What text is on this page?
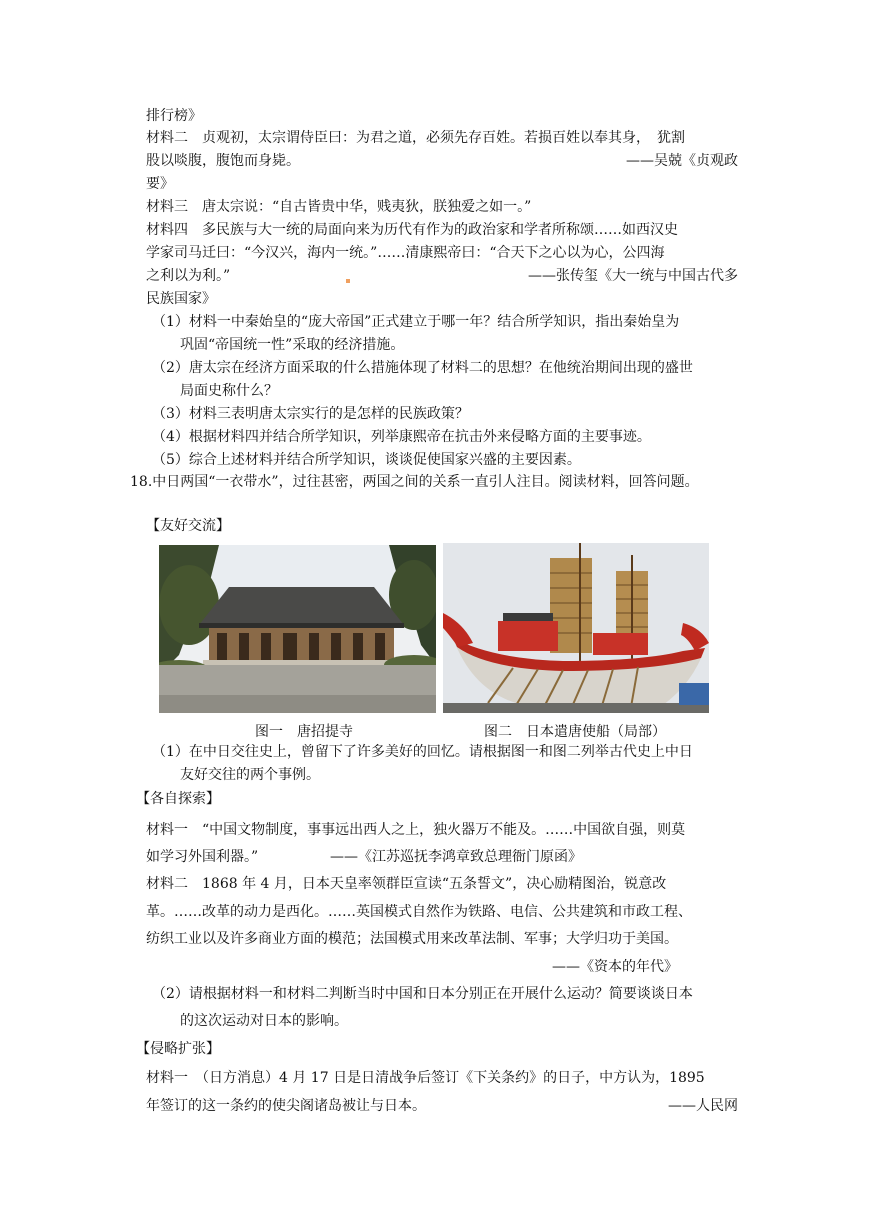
排行榜》
材料二　贞观初，太宗谓侍臣曰：为君之道，必须先存百姓。若损百姓以奉其身，　犹割
股以啖腹，腹饱而身毙。	——吴兢《贞观政
要》
材料三　唐太宗说：“自古皆贵中华，贱夷狄，朕独爱之如一。”
材料四　多民族与大一统的局面向来为历代有作为的政治家和学者所称颂……如西汉史
学家司马迁曰：“今汉兴，海内一统。”……清康熙帝曰：“合天下之心以为心，公四海
之利以为利。”	——张传玺《大一统与中国古代多
民族国家》
（1）材料一中秦始皇的“庞大帝国”正式建立于哪一年？结合所学知识，指出秦始皇为
巩固“帝国统一性”采取的经济措施。
（2）唐太宗在经济方面采取的什么措施体现了材料二的思想？在他统治期间出现的盛世
局面史称什么？
（3）材料三表明唐太宗实行的是怎样的民族政策？
（4）根据材料四并结合所学知识，列举康熙帝在抗击外来侵略方面的主要事迹。
（5）综合上述材料并结合所学知识，谈谈促使国家兴盛的主要因素。
18.中日两国“一衣带水”，过往甚密，两国之间的关系一直引人注目。阅读材料，回答问题。
【友好交流】
图一　唐招提寺	图二　日本遣唐使船（局部）
（1）在中日交往史上，曾留下了许多美好的回忆。请根据图一和图二列举古代史上中日
友好交往的两个事例。
【各自探索】
材料一　“中国文物制度，事事远出西人之上，独火器万不能及。……中国欲自强，则莫
如学习外国利器。”	——《江苏巡抚李鸿章致总理衙门原函》
材料二　1868 年 4 月，日本天皇率领群臣宣读“五条誓文”，决心励精图治，锐意改
革。……改革的动力是西化。……英国模式自然作为铁路、电信、公共建筑和市政工程、
纺织工业以及许多商业方面的模范；法国模式用来改革法制、军事；大学归功于美国。
——《资本的年代》
（2）请根据材料一和材料二判断当时中国和日本分别正在开展什么运动？简要谈谈日本
的这次运动对日本的影响。
【侵略扩张】
材料一　（日方消息）4 月 17 日是日清战争后签订《下关条约》的日子，中方认为，1895
年签订的这一条约的使尖阁诸岛被让与日本。	——人民网
